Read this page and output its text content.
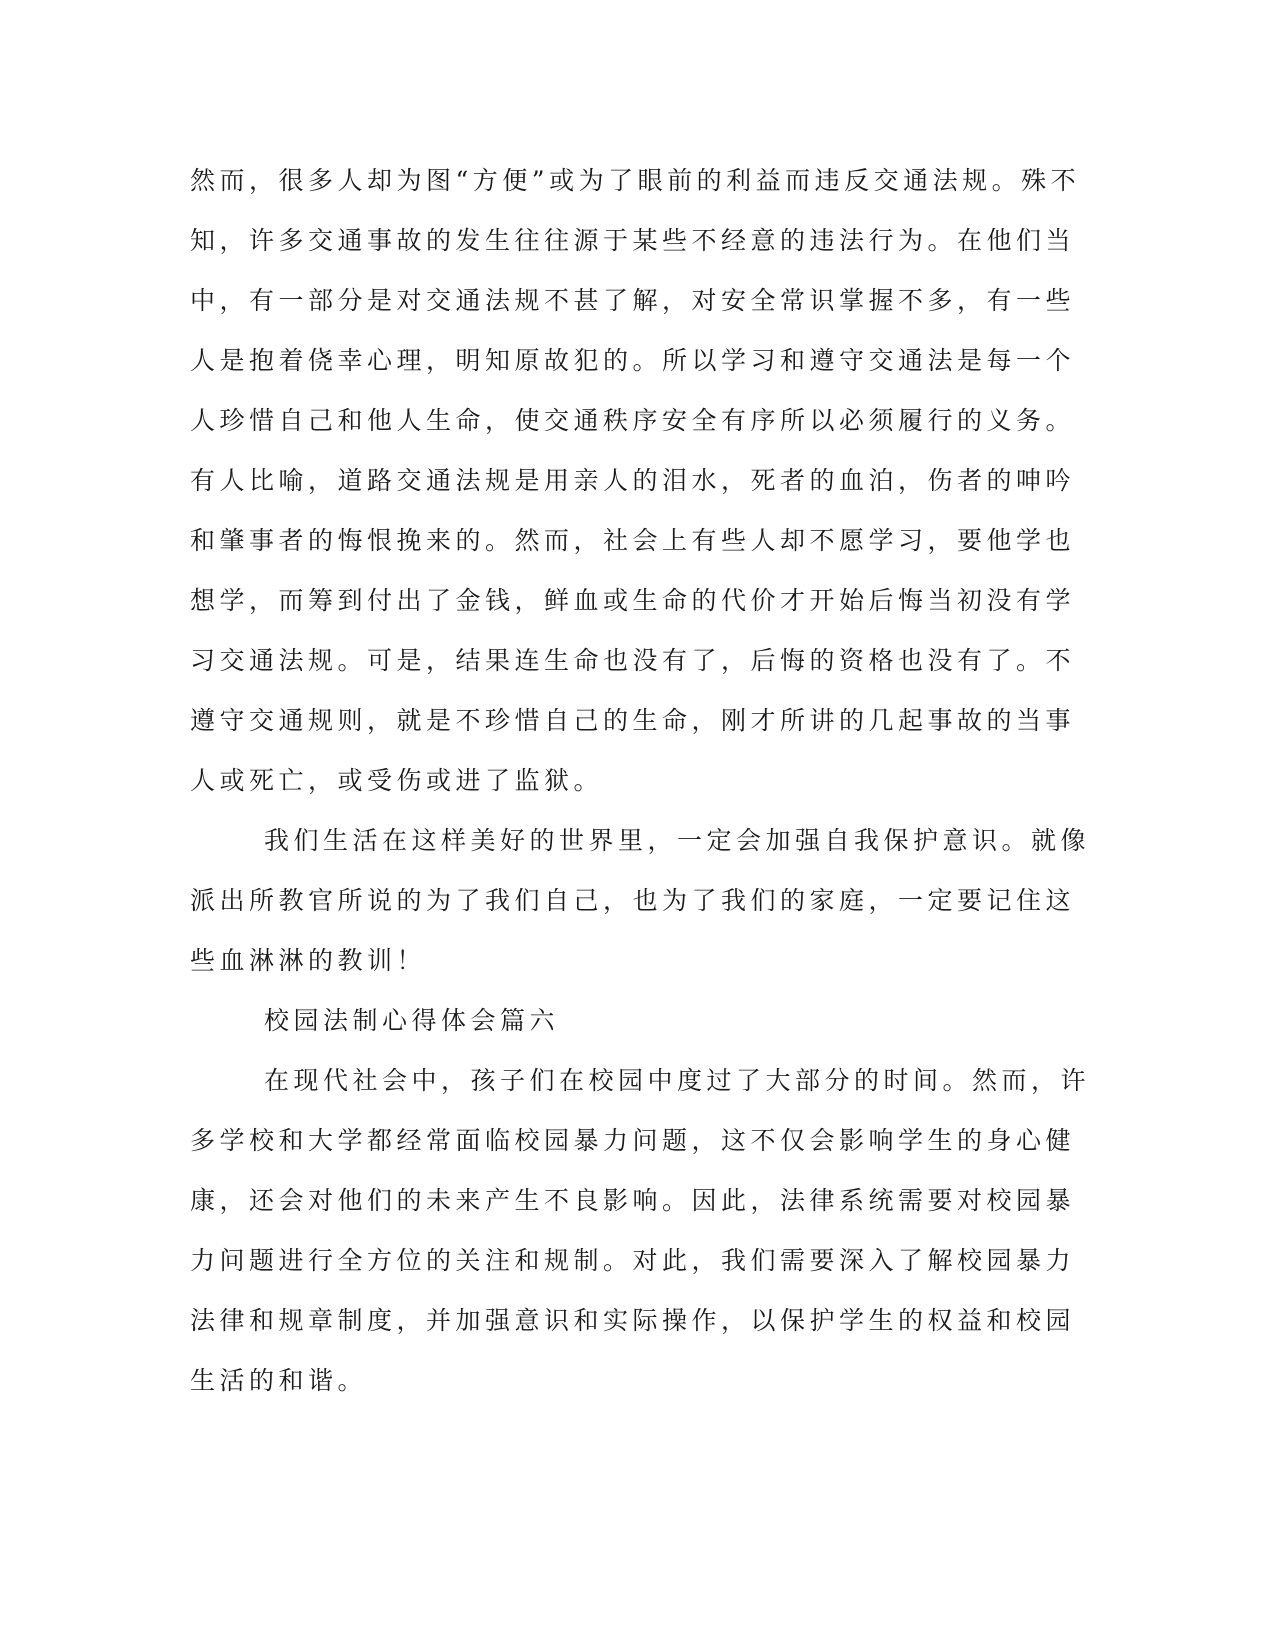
然而，很多人却为图“方便”或为了眼前的利益而违反交通法规。殊不

知，许多交通事故的发生往往源于某些不经意的违法行为。在他们当

中，有一部分是对交通法规不甚了解，对安全常识掌握不多，有一些

人是抱着侥幸心理，明知原故犯的。所以学习和遵守交通法是每一个

人珍惜自己和他人生命，使交通秩序安全有序所以必须履行的义务。

有人比喻，道路交通法规是用亲人的泪水，死者的血泊，伤者的呻吟

和肇事者的悔恨挽来的。然而，社会上有些人却不愿学习，要他学也

想学，而筹到付出了金钱，鲜血或生命的代价才开始后悔当初没有学

习交通法规。可是，结果连生命也没有了，后悔的资格也没有了。不

遵守交通规则，就是不珍惜自己的生命，刚才所讲的几起事故的当事

人或死亡，或受伤或进了监狱。

我们生活在这样美好的世界里，一定会加强自我保护意识。就像

派出所教官所说的为了我们自己，也为了我们的家庭，一定要记住这

些血淋淋的教训！

校园法制心得体会篇六

在现代社会中，孩子们在校园中度过了大部分的时间。然而，许

多学校和大学都经常面临校园暴力问题，这不仅会影响学生的身心健

康，还会对他们的未来产生不良影响。因此，法律系统需要对校园暴

力问题进行全方位的关注和规制。对此，我们需要深入了解校园暴力

法律和规章制度，并加强意识和实际操作，以保护学生的权益和校园

生活的和谐。
